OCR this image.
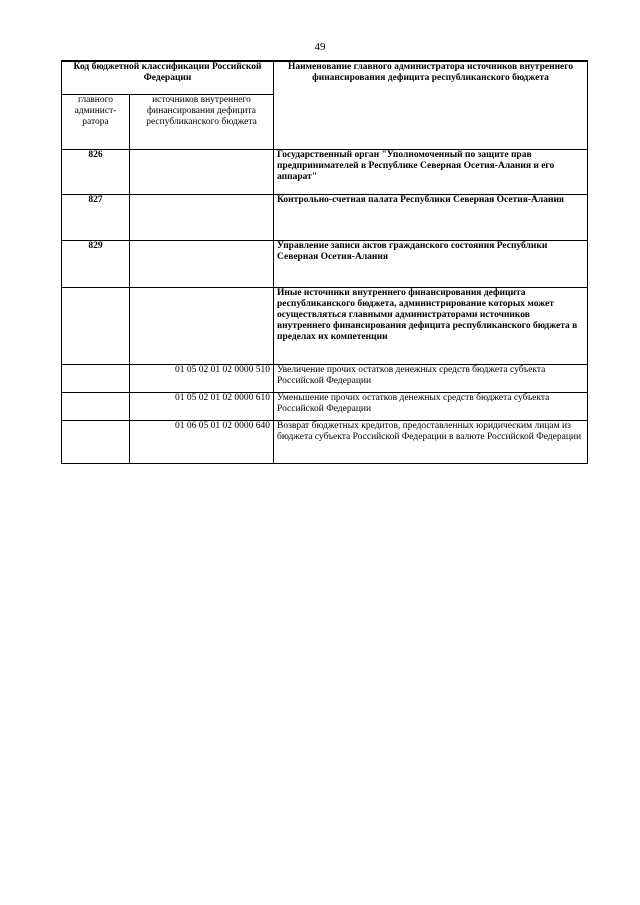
49
Код бюджетной классификации Российской Федерации		Наименование главного администратора источников внутреннего финансирования дефицита республиканского бюджета
главного админист-ратора	источников внутреннего финансирования дефицита республиканского бюджета	
826		Государственный орган "Уполномоченный по защите прав предпринимателей в Республике Северная Осетия-Алания и его аппарат"
827		Контрольно-счетная палата Республики Северная Осетия-Алания
829		Управление записи актов гражданского состояния Республики Северная Осетия-Алания
		Иные источники внутреннего финансирования дефицита республиканского бюджета, администрирование которых может осуществляться главными администраторами источников внутреннего финансирования дефицита республиканского бюджета в пределах их компетенции
	01 05 02 01 02 0000 510	Увеличение прочих остатков денежных средств бюджета субъекта Российской Федерации
	01 05 02 01 02 0000 610	Уменьшение прочих остатков денежных средств бюджета субъекта Российской Федерации
	01 06 05 01 02 0000 640	Возврат бюджетных кредитов, предоставленных юридическим лицам из бюджета субъекта Российской Федерации в валюте Российской Федерации
